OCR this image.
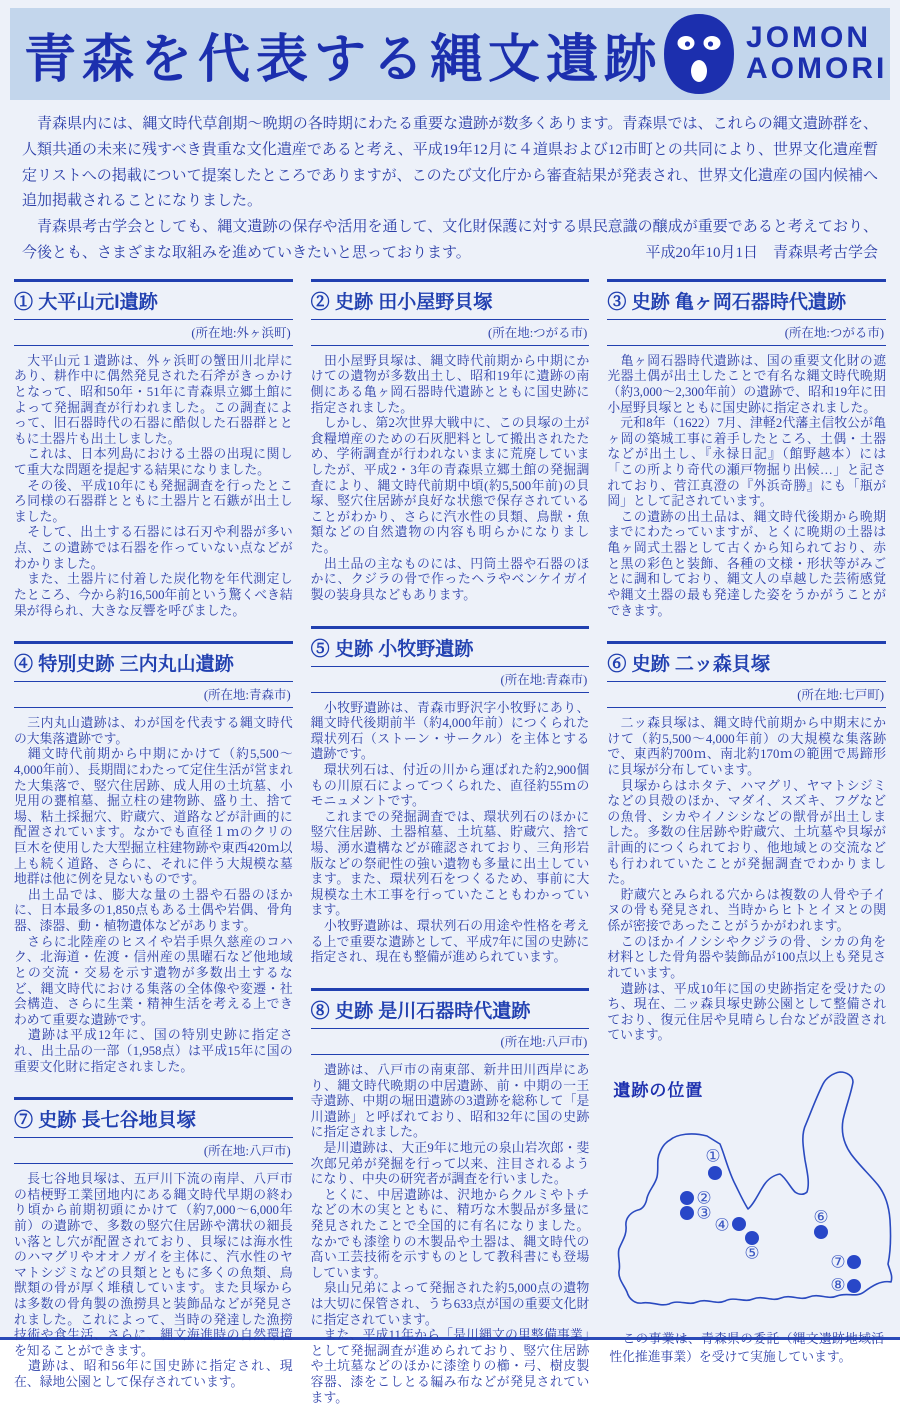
青森を代表する縄文遺跡	JOMON
AOMORI

　青森県内には、縄文時代草創期～晩期の各時期にわたる重要な遺跡が数多くあります。青森県では、これらの縄文遺跡群を、人類共通の未来に残すべき貴重な文化遺産であると考え、平成19年12月に４道県および12市町との共同により、世界文化遺産暫定リストへの掲載について提案したところでありますが、このたび文化庁から審査結果が発表され、世界文化遺産の国内候補へ追加掲載されることになりました。

　青森県考古学会としても、縄文遺跡の保存や活用を通して、文化財保護に対する県民意識の醸成が重要であると考えており、今後とも、さまざまな取組みを進めていきたいと思っております。	平成20年10月1日　青森県考古学会

① 大平山元I遺跡
(所在地:外ヶ浜町)

　大平山元１遺跡は、外ヶ浜町の蟹田川北岸にあり、耕作中に偶然発見された石斧がきっかけとなって、昭和50年・51年に青森県立郷土館によって発掘調査が行われました。この調査によって、旧石器時代の石器に酷似した石器群とともに土器片も出土しました。

　これは、日本列島における土器の出現に関して重大な問題を提起する結果になりました。

　その後、平成10年にも発掘調査を行ったところ同様の石器群とともに土器片と石鏃が出土しました。

　そして、出土する石器には石刃や利器が多い点、この遺跡では石器を作っていない点などがわかりました。

　また、土器片に付着した炭化物を年代測定したところ、今から約16,500年前という驚くべき結果が得られ、大きな反響を呼びました。

④ 特別史跡 三内丸山遺跡
(所在地:青森市)

　三内丸山遺跡は、わが国を代表する縄文時代の大集落遺跡です。

　縄文時代前期から中期にかけて（約5,500～4,000年前）、長期間にわたって定住生活が営まれた大集落で、竪穴住居跡、成人用の土坑墓、小児用の甕棺墓、掘立柱の建物跡、盛り土、捨て場、粘土採掘穴、貯蔵穴、道路などが計画的に配置されています。なかでも直径１ｍのクリの巨木を使用した大型掘立柱建物跡や東西420ｍ以上も続く道路、さらに、それに伴う大規模な墓地群は他に例を見ないものです。

　出土品では、膨大な量の土器や石器のほかに、日本最多の1,850点もある土偶や岩偶、骨角器、漆器、動・植物遺体などがあります。

　さらに北陸産のヒスイや岩手県久慈産のコハク、北海道・佐渡・信州産の黒曜石など他地域との交流・交易を示す遺物が多数出土するなど、縄文時代における集落の全体像や変遷・社会構造、さらに生業・精神生活を考える上できわめて重要な遺跡です。

　遺跡は平成12年に、国の特別史跡に指定され、出土品の一部（1,958点）は平成15年に国の重要文化財に指定されました。

⑦ 史跡 長七谷地貝塚
(所在地:八戸市)

　長七谷地貝塚は、五戸川下流の南岸、八戸市の桔梗野工業団地内にある縄文時代早期の終わり頃から前期初頭にかけて（約7,000～6,000年前）の遺跡で、多数の竪穴住居跡や溝状の細長い落とし穴が配置されており、貝塚には海水性のハマグリやオオノガイを主体に、汽水性のヤマトシジミなどの貝類とともに多くの魚類、鳥獣類の骨が厚く堆積しています。また貝塚からは多数の骨角製の漁撈具と装飾品などが発見されました。これによって、当時の発達した漁撈技術や食生活、さらに、縄文海進時の自然環境を知ることができます。

　遺跡は、昭和56年に国史跡に指定され、現在、緑地公園として保存されています。

② 史跡 田小屋野貝塚
(所在地:つがる市)

　田小屋野貝塚は、縄文時代前期から中期にかけての遺物が多数出土し、昭和19年に遺跡の南側にある亀ヶ岡石器時代遺跡とともに国史跡に指定されました。

　しかし、第2次世界大戦中に、この貝塚の土が食糧増産のための石灰肥料として搬出されたため、学術調査が行われないままに荒廃していましたが、平成2・3年の青森県立郷土館の発掘調査により、縄文時代前期中頃(約5,500年前)の貝塚、竪穴住居跡が良好な状態で保存されていることがわかり、さらに汽水性の貝類、鳥獣・魚類などの自然遺物の内容も明らかになりました。

　出土品の主なものには、円筒土器や石器のほかに、クジラの骨で作ったヘラやベンケイガイ製の装身具などもあります。

⑤ 史跡 小牧野遺跡
(所在地:青森市)

　小牧野遺跡は、青森市野沢字小牧野にあり、縄文時代後期前半（約4,000年前）につくられた環状列石（ストーン・サークル）を主体とする遺跡です。

　環状列石は、付近の川から運ばれた約2,900個もの川原石によってつくられた、直径約55ｍのモニュメントです。

　これまでの発掘調査では、環状列石のほかに竪穴住居跡、土器棺墓、土坑墓、貯蔵穴、捨て場、湧水遺構などが確認されており、三角形岩版などの祭祀性の強い遺物も多量に出土しています。また、環状列石をつくるため、事前に大規模な土木工事を行っていたこともわかっています。

　小牧野遺跡は、環状列石の用途や性格を考える上で重要な遺跡として、平成7年に国の史跡に指定され、現在も整備が進められています。

⑧ 史跡 是川石器時代遺跡
(所在地:八戸市)

　遺跡は、八戸市の南東部、新井田川西岸にあり、縄文時代晩期の中居遺跡、前・中期の一王寺遺跡、中期の堀田遺跡の3遺跡を総称して「是川遺跡」と呼ばれており、昭和32年に国の史跡に指定されました。

　是川遺跡は、大正9年に地元の泉山岩次郎・斐次郎兄弟が発掘を行って以来、注目されるようになり、中央の研究者が調査を行いました。

　とくに、中居遺跡は、沢地からクルミやトチなどの木の実とともに、精巧な木製品が多量に発見されたことで全国的に有名になりました。なかでも漆塗りの木製品や土器は、縄文時代の高い工芸技術を示すものとして教科書にも登場しています。

　泉山兄弟によって発掘された約5,000点の遺物は大切に保管され、うち633点が国の重要文化財に指定されています。

　また、平成11年から「是川縄文の里整備事業」として発掘調査が進められており、竪穴住居跡や土坑墓などのほかに漆塗りの櫛・弓、樹皮製容器、漆をこしとる編み布などが発見されています。

③ 史跡 亀ヶ岡石器時代遺跡
(所在地:つがる市)

　亀ヶ岡石器時代遺跡は、国の重要文化財の遮光器土偶が出土したことで有名な縄文時代晩期（約3,000～2,300年前）の遺跡で、昭和19年に田小屋野貝塚とともに国史跡に指定されました。

　元和8年（1622）7月、津軽2代藩主信牧公が亀ヶ岡の築城工事に着手したところ、土偶・土器などが出土し、『永禄日記』（館野越本）には「この所より奇代の瀬戸物掘り出候…」と記されており、菅江真澄の『外浜奇勝』にも「瓶が岡」として記されています。

　この遺跡の出土品は、縄文時代後期から晩期までにわたっていますが、とくに晩期の土器は亀ヶ岡式土器として古くから知られており、赤と黒の彩色と装飾、各種の文様・形状等がみごとに調和しており、縄文人の卓越した芸術感覚や縄文土器の最も発達した姿をうかがうことができます。

⑥ 史跡 二ッ森貝塚
(所在地:七戸町)

　二ッ森貝塚は、縄文時代前期から中期末にかけて（約5,500～4,000年前）の大規模な集落跡で、東西約700ｍ、南北約170ｍの範囲で馬蹄形に貝塚が分布しています。

　貝塚からはホタテ、ハマグリ、ヤマトシジミなどの貝殻のほか、マダイ、スズキ、フグなどの魚骨、シカやイノシシなどの獣骨が出土しました。多数の住居跡や貯蔵穴、土坑墓や貝塚が計画的につくられており、他地域との交流なども行われていたことが発掘調査でわかりました。

　貯蔵穴とみられる穴からは複数の人骨や子イヌの骨も発見され、当時からヒトとイヌとの関係が密接であったことがうかがわれます。

　このほかイノシシやクジラの骨、シカの角を材料とした骨角器や装飾品が100点以上も発見されています。

　遺跡は、平成10年に国の史跡指定を受けたのち、現在、二ッ森貝塚史跡公園として整備されており、復元住居や見晴らし台などが設置されています。

遺跡の位置
①
②
③
④
⑤
⑥
⑦
⑧

　この事業は、青森県の委託（縄文遺跡地域活性化推進事業）を受けて実施しています。
